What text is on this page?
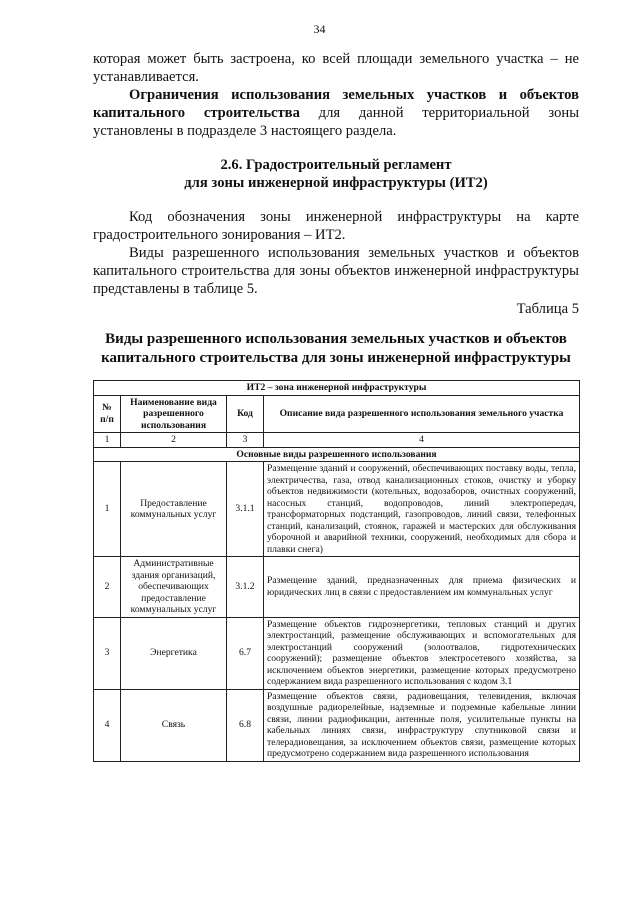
34

которая может быть застроена, ко всей площади земельного участка – не устанавливается.

Ограничения использования земельных участков и объектов капитального строительства для данной территориальной зоны установлены в подразделе 3 настоящего раздела.

2.6. Градостроительный регламент
для зоны инженерной инфраструктуры (ИТ2)

Код обозначения зоны инженерной инфраструктуры на карте градостроительного зонирования – ИТ2.

Виды разрешенного использования земельных участков и объектов капитального строительства для зоны объектов инженерной инфраструктуры представлены в таблице 5.

Таблица 5

Виды разрешенного использования земельных участков и объектов капитального строительства для зоны инженерной инфраструктуры
ИТ2 – зона инженерной инфраструктуры			
№ п/п	Наименование вида разрешенного использования	Код	Описание вида разрешенного использования земельного участка
1	2	3	4
Основные виды разрешенного использования			
1	Предоставление коммунальных услуг	3.1.1	Размещение зданий и сооружений, обеспечивающих поставку воды, тепла, электричества, газа, отвод канализационных стоков, очистку и уборку объектов недвижимости (котельных, водозаборов, очистных сооружений, насосных станций, водопроводов, линий электропередач, трансформаторных подстанций, газопроводов, линий связи, телефонных станций, канализаций, стоянок, гаражей и мастерских для обслуживания уборочной и аварийной техники, сооружений, необходимых для сбора и плавки снега)
2	Административные здания организаций, обеспечивающих предоставление коммунальных услуг	3.1.2	Размещение зданий, предназначенных для приема физических и юридических лиц в связи с предоставлением им коммунальных услуг
3	Энергетика	6.7	Размещение объектов гидроэнергетики, тепловых станций и других электростанций, размещение обслуживающих и вспомогательных для электростанций сооружений (золоотвалов, гидротехнических сооружений); размещение объектов электросетевого хозяйства, за исключением объектов энергетики, размещение которых предусмотрено содержанием вида разрешенного использования с кодом 3.1
4	Связь	6.8	Размещение объектов связи, радиовещания, телевидения, включая воздушные радиорелейные, надземные и подземные кабельные линии связи, линии радиофикации, антенные поля, усилительные пункты на кабельных линиях связи, инфраструктуру спутниковой связи и телерадиовещания, за исключением объектов связи, размещение которых предусмотрено содержанием вида разрешенного использования
